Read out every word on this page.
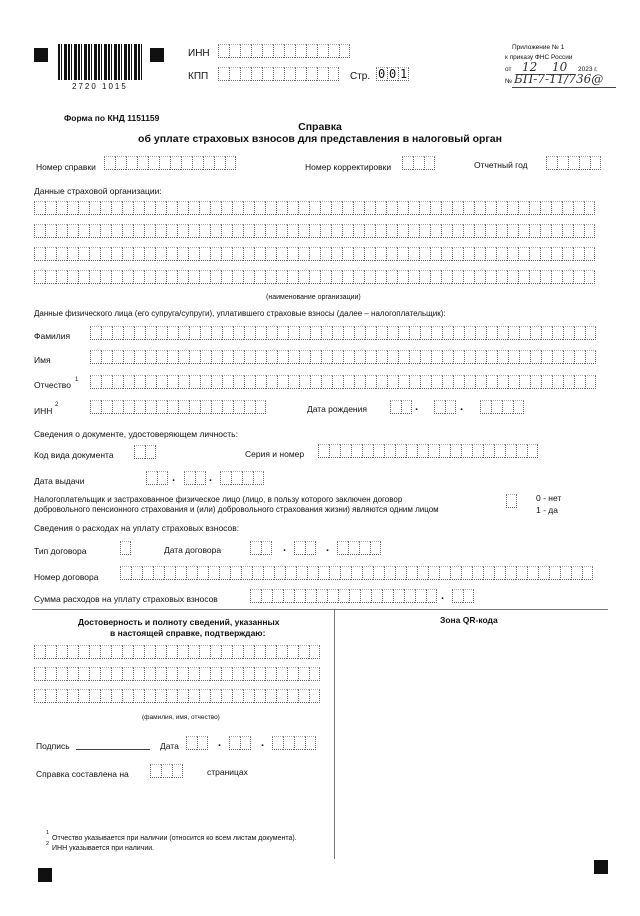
2720 1015
ИНН
КПП	Стр. 0 0 1
Приложение № 1
к приказу ФНС России
от 12 10 2023 г.
№ БП-7-11/736@
Форма по КНД 1151159
Справка
об уплате страховых взносов для представления в налоговый орган
Номер справки	Номер корректировки	Отчетный год
Данные страховой организации:
(наименование организации)
Данные физического лица (его супруга/супруги), уплатившего страховые взносы (далее – налогоплательщик):
Фамилия
Имя
Отчество 1
ИНН
2	Дата рождения	.	.
Сведения о документе, удостоверяющем личность:
Код вида документа	Серия и номер
Дата выдачи	.	.
Налогоплательщик и застрахованное физическое лицо (лицо, в пользу которого заключен договор
добровольного пенсионного страхования и (или) добровольного страхования жизни) являются одним лицом
0 - нет
1 - да
Сведения о расходах на уплату страховых взносов:
Тип договора	Дата договора	.	.
Номер договора
Сумма расходов на уплату страховых взносов	.
Достоверность и полноту сведений, указанных
в настоящей справке, подтверждаю:
(фамилия, имя, отчество)
Подпись	Дата	.	.
Справка составлена на	страницах
Зона QR-кода
1
Отчество указывается при наличии (относится ко всем листам документа).
2
ИНН указывается при наличии.
